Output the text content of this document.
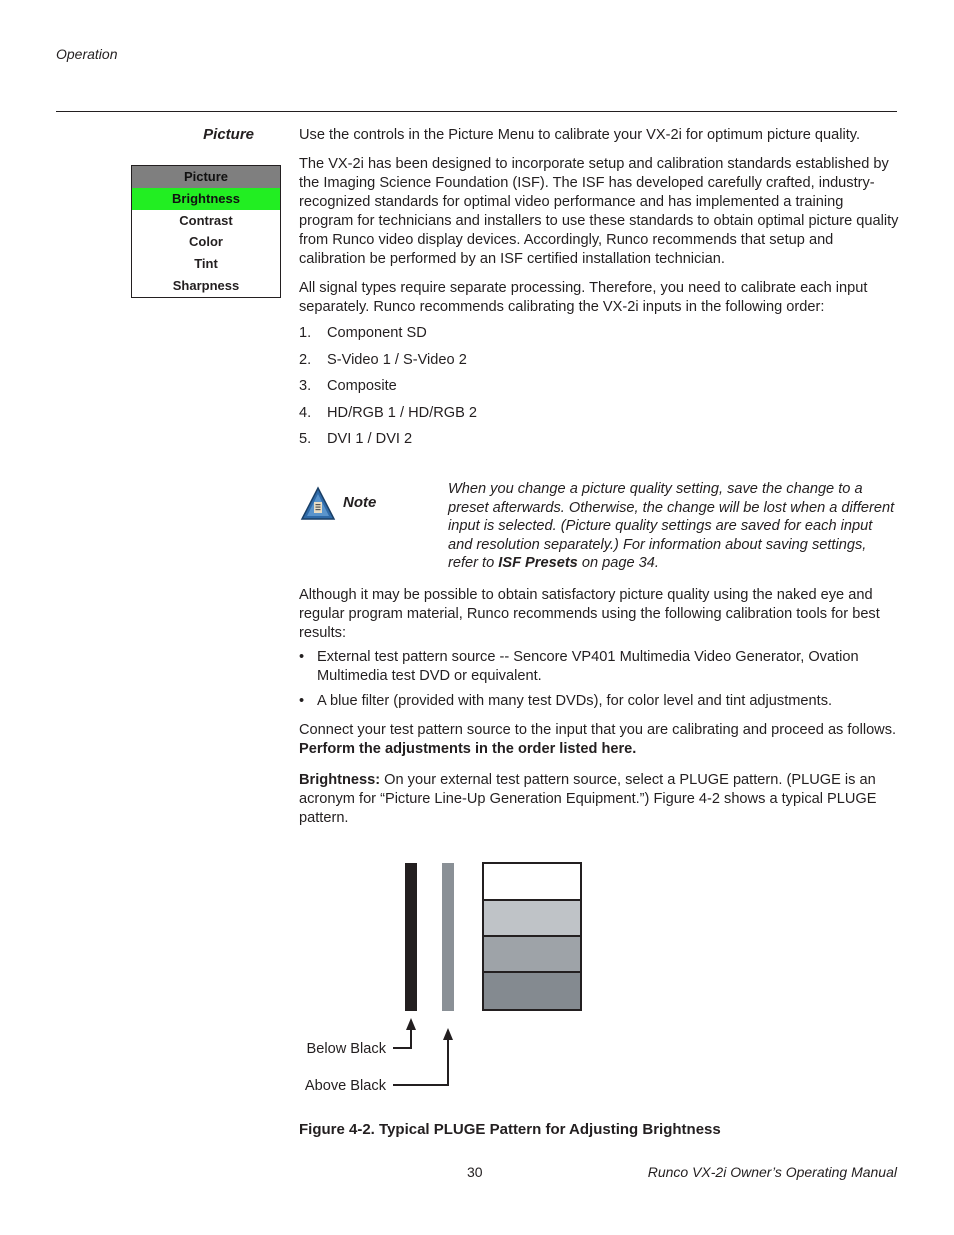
Operation
Picture
Picture
Brightness
Contrast
Color
Tint
Sharpness

Use the controls in the Picture Menu to calibrate your VX-2i for optimum picture quality.

The VX-2i has been designed to incorporate setup and calibration standards established by the Imaging Science Foundation (ISF). The ISF has developed carefully crafted, industry-recognized standards for optimal video performance and has implemented a training program for technicians and installers to use these standards to obtain optimal picture quality from Runco video display devices. Accordingly, Runco recommends that setup and calibration be performed by an ISF certified installation technician.

All signal types require separate processing. Therefore, you need to calibrate each input separately. Runco recommends calibrating the VX-2i inputs in the following order:

1. Component SD
2. S-Video 1 / S-Video 2
3. Composite
4. HD/RGB 1 / HD/RGB 2
5. DVI 1 / DVI 2
Note
When you change a picture quality setting, save the change to a preset afterwards. Otherwise, the change will be lost when a different input is selected. (Picture quality settings are saved for each input and resolution separately.) For information about saving settings, refer to ISF Presets on page 34.

Although it may be possible to obtain satisfactory picture quality using the naked eye and regular program material, Runco recommends using the following calibration tools for best results:

• External test pattern source -- Sencore VP401 Multimedia Video Generator, Ovation Multimedia test DVD or equivalent.
• A blue filter (provided with many test DVDs), for color level and tint adjustments.

Connect your test pattern source to the input that you are calibrating and proceed as follows. Perform the adjustments in the order listed here.

Brightness: On your external test pattern source, select a PLUGE pattern. (PLUGE is an acronym for “Picture Line-Up Generation Equipment.”) Figure 4-2 shows a typical PLUGE pattern.

Below Black
Above Black
Figure 4-2. Typical PLUGE Pattern for Adjusting Brightness
30	Runco VX-2i Owner’s Operating Manual
